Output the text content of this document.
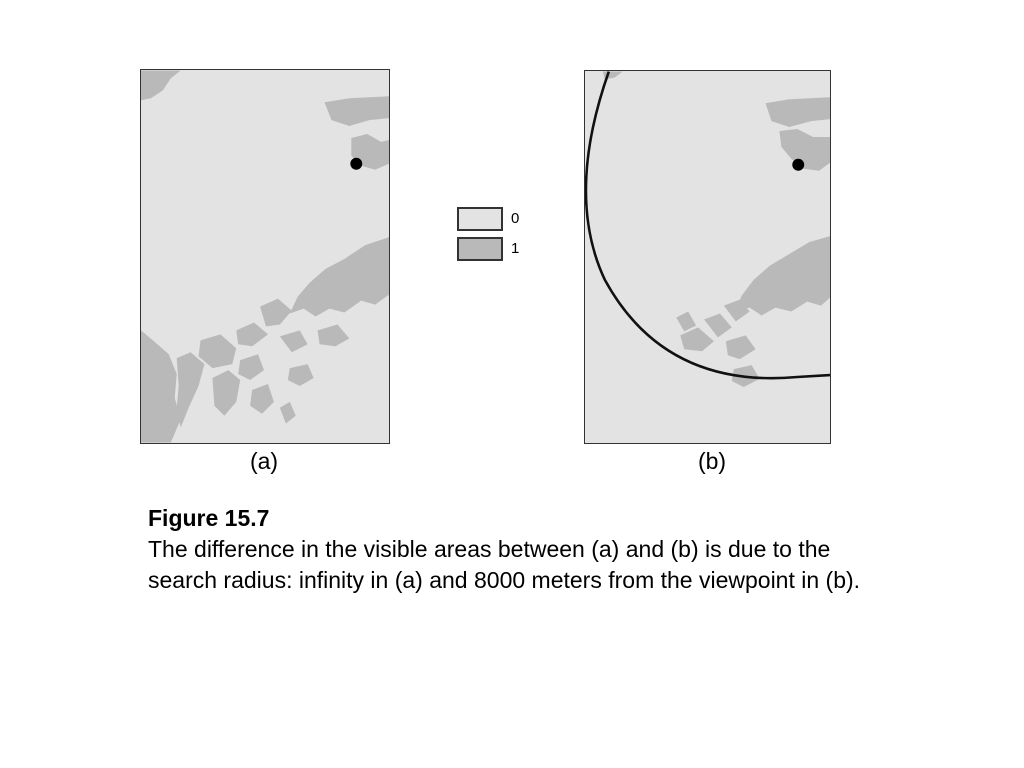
(a)
0
1
(b)
Figure 15.7
The difference in the visible areas between (a) and (b) is due to the search radius: infinity in (a) and 8000 meters from the viewpoint in (b).
